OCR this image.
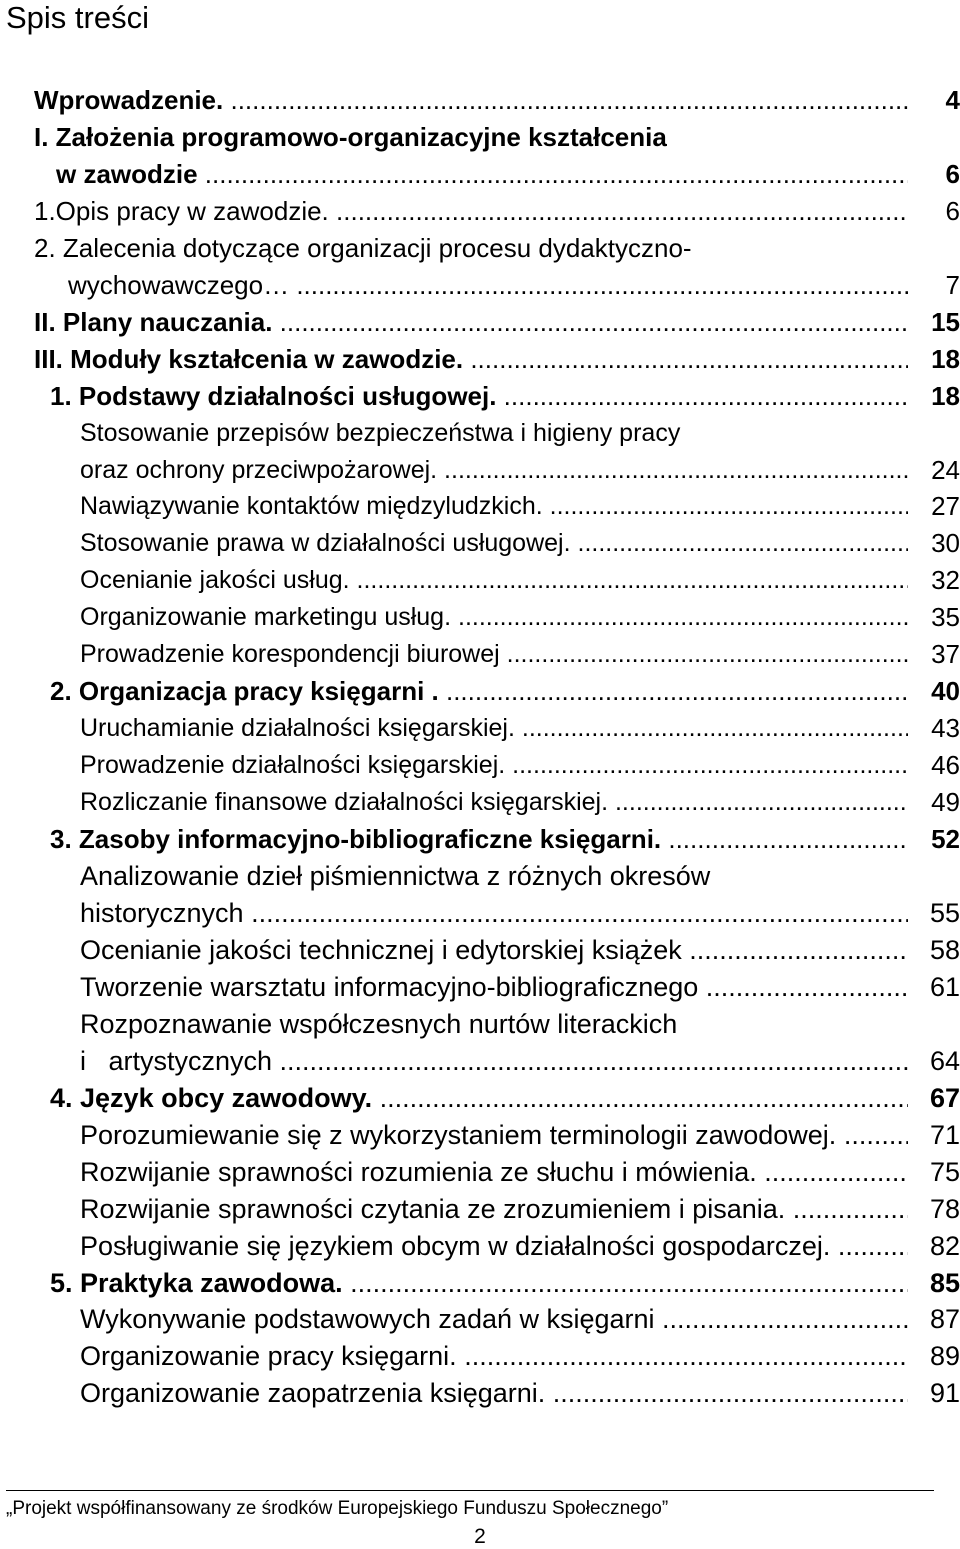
Spis treści
Wprowadzenie. .....	4
I. Założenia programowo-organizacyjne kształcenia
w zawodzie .....	6
1.Opis pracy w zawodzie. .....	6
2. Zalecenia dotyczące organizacji procesu dydaktyczno-
wychowawczego… .....	7
II. Plany nauczania. .....	15
III. Moduły kształcenia w zawodzie. .....	18
1. Podstawy działalności usługowej. .....	18
Stosowanie przepisów bezpieczeństwa i higieny pracy
oraz ochrony przeciwpożarowej. .....	24
Nawiązywanie kontaktów międzyludzkich. .....	27
Stosowanie prawa w działalności usługowej. .....	30
Ocenianie jakości usług. .....	32
Organizowanie marketingu usług. .....	35
Prowadzenie korespondencji biurowej .....	37
2. Organizacja pracy księgarni . .....	40
Uruchamianie działalności księgarskiej. .....	43
Prowadzenie działalności księgarskiej. .....	46
Rozliczanie finansowe działalności księgarskiej. .....	49
3. Zasoby informacyjno-bibliograficzne księgarni. .....	52
Analizowanie dzieł piśmiennictwa z różnych okresów
historycznych .....	55
Ocenianie jakości technicznej i edytorskiej książek .....	58
Tworzenie warsztatu informacyjno-bibliograficznego .....	61
Rozpoznawanie współczesnych nurtów literackich
i   artystycznych .....	64
4. Język obcy zawodowy. .....	67
Porozumiewanie się z wykorzystaniem terminologii zawodowej. .....	71
Rozwijanie sprawności rozumienia ze słuchu i mówienia. .....	75
Rozwijanie sprawności czytania ze zrozumieniem i pisania. .....	78
Posługiwanie się językiem obcym w działalności gospodarczej. .....	82
5. Praktyka zawodowa. .....	85
Wykonywanie podstawowych zadań w księgarni .....	87
Organizowanie pracy księgarni. .....	89
Organizowanie zaopatrzenia księgarni. .....	91
„Projekt współfinansowany ze środków Europejskiego Funduszu Społecznego”
2
